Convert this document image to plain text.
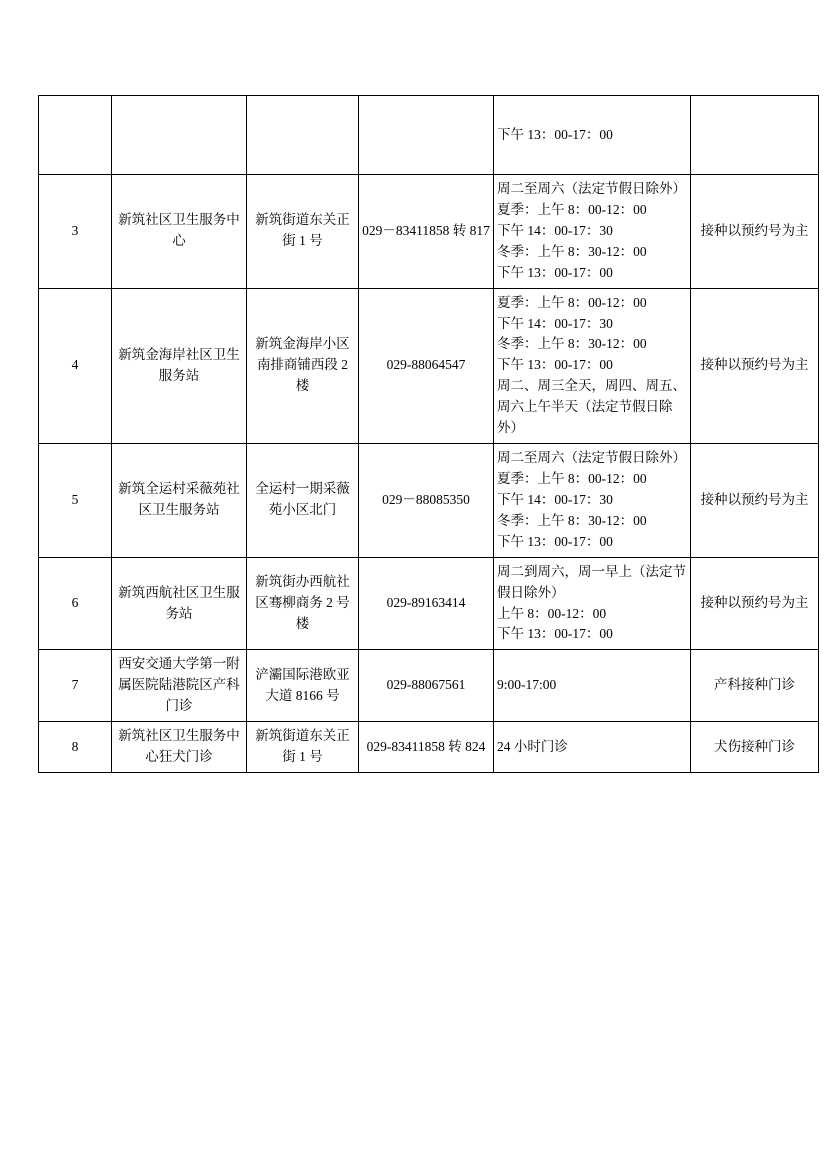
				下午 13：00-17：00	

3	新筑社区卫生服务中心	新筑街道东关正街 1 号	029－83411858 转 817	周二至周六（法定节假日除外）
夏季：上午 8：00-12：00
下午 14：00-17：30
冬季：上午 8：30-12：00
下午 13：00-17：00	接种以预约号为主
4	新筑金海岸社区卫生服务站	新筑金海岸小区南排商铺西段 2 楼	029-88064547	夏季：上午 8：00-12：00
下午 14：00-17：30
冬季：上午 8：30-12：00
下午 13：00-17：00
周二、周三全天，周四、周五、周六上午半天（法定节假日除外）	接种以预约号为主
5	新筑全运村采薇苑社区卫生服务站	全运村一期采薇苑小区北门	029－88085350	周二至周六（法定节假日除外）
夏季：上午 8：00-12：00
下午 14：00-17：30
冬季：上午 8：30-12：00
下午 13：00-17：00	接种以预约号为主
6	新筑西航社区卫生服务站	新筑街办西航社区骞柳商务 2 号楼	029-89163414	周二到周六，周一早上（法定节假日除外）
上午 8：00-12：00
下午 13：00-17：00	接种以预约号为主
7	西安交通大学第一附属医院陆港院区产科门诊	浐灞国际港欧亚大道 8166 号	029-88067561	9:00-17:00	产科接种门诊
8	新筑社区卫生服务中心狂犬门诊	新筑街道东关正街 1 号	029-83411858 转 824	24 小时门诊	犬伤接种门诊
